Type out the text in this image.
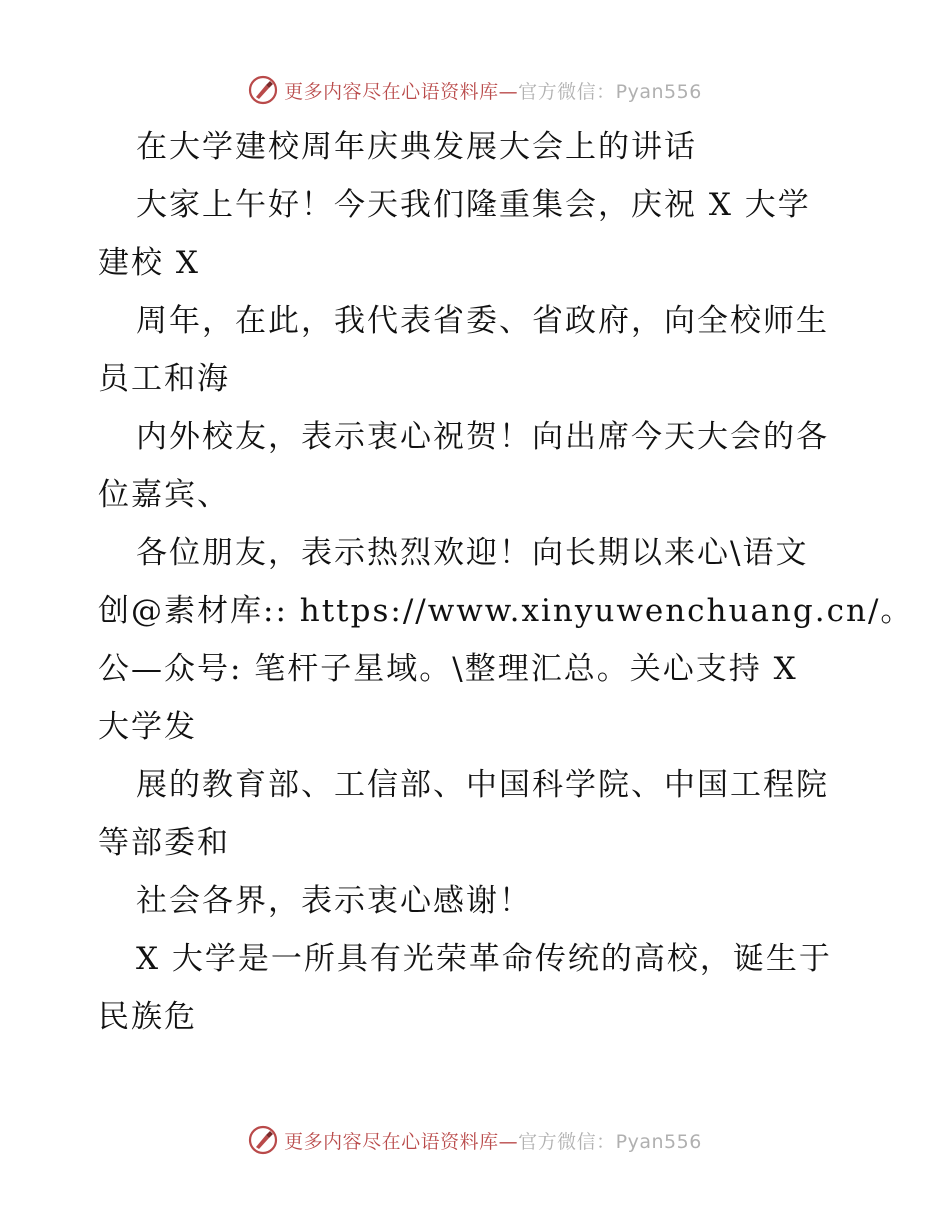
更多内容尽在心语资料库—官方微信：Pyan556
在大学建校周年庆典发展大会上的讲话
大家上午好！今天我们隆重集会，庆祝 X 大学
建校 X
周年，在此，我代表省委、省政府，向全校师生
员工和海
内外校友，表示衷心祝贺！向出席今天大会的各
位嘉宾、
各位朋友，表示热烈欢迎！向长期以来心\语文
创@素材库:: https://www.xinyuwenchuang.cn/。
公—众号: 笔杆子星域。\整理汇总。关心支持 X
大学发
展的教育部、工信部、中国科学院、中国工程院
等部委和
社会各界，表示衷心感谢！
X 大学是一所具有光荣革命传统的高校，诞生于
民族危
更多内容尽在心语资料库—官方微信：Pyan556
